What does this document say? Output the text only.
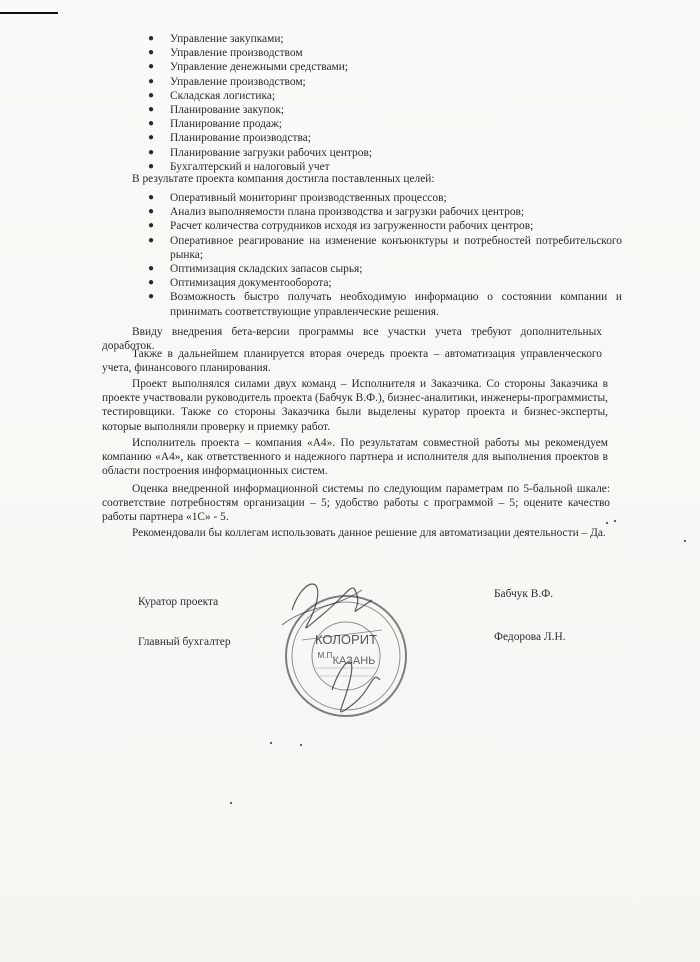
● Управление закупками;
● Управление производством
● Управление денежными средствами;
● Управление производством;
● Складская логистика;
● Планирование закупок;
● Планирование продаж;
● Планирование производства;
● Планирование загрузки рабочих центров;
● Бухгалтерский и налоговый учет

В результате проекта компания достигла поставленных целей:

● Оперативный мониторинг производственных процессов;
● Анализ выполняемости плана производства и загрузки рабочих центров;
● Расчет количества сотрудников исходя из загруженности рабочих центров;
● Оперативное реагирование на изменение конъюнктуры и потребностей потребительского рынка;
● Оптимизация складских запасов сырья;
● Оптимизация документооборота;
● Возможность быстро получать необходимую информацию о состоянии компании и принимать соответствующие управленческие решения.

Ввиду внедрения бета-версии программы все участки учета требуют дополнительных доработок.

Также в дальнейшем планируется вторая очередь проекта – автоматизация управленческого учета, финансового планирования.

Проект выполнялся силами двух команд – Исполнителя и Заказчика. Со стороны Заказчика в проекте участвовали руководитель проекта (Бабчук В.Ф.), бизнес-аналитики, инженеры-программисты, тестировщики. Также со стороны Заказчика были выделены куратор проекта и бизнес-эксперты, которые выполняли проверку и приемку работ.

Исполнитель проекта – компания «А4». По результатам совместной работы мы рекомендуем компанию «А4», как ответственного и надежного партнера и исполнителя для выполнения проектов в области построения информационных систем.

Оценка внедренной информационной системы по следующим параметрам по 5-бальной шкале: соответствие потребностям организации – 5; удобство работы с программой – 5; оцените качество работы партнера «1С» - 5.

Рекомендовали бы коллегам использовать данное решение для автоматизации деятельности – Да.

Куратор проекта
Бабчук В.Ф.
Главный бухгалтер	Федорова Л.Н.
КОЛОРИТ
М.П.
КАЗАНЬ
